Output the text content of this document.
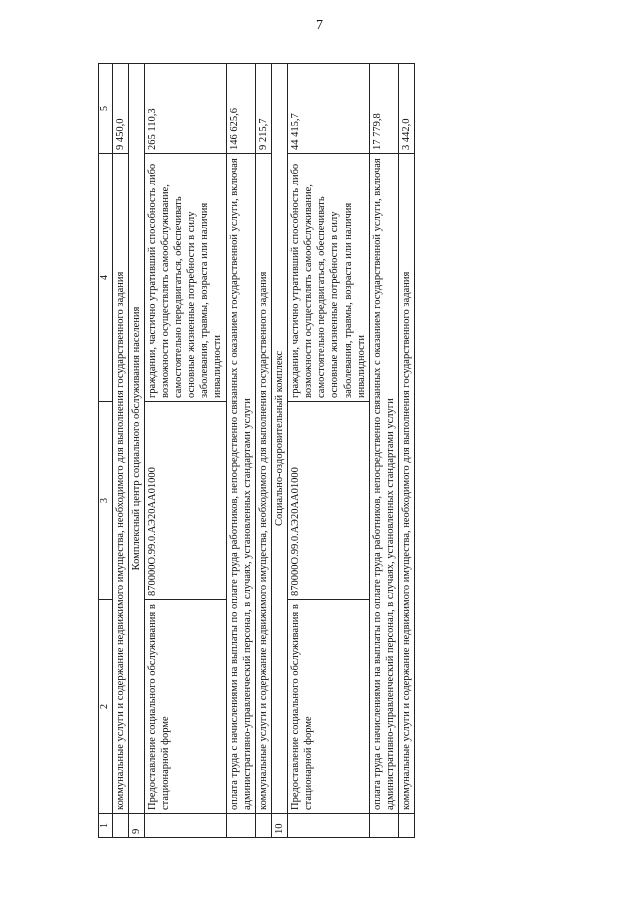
7
1	2	3	4	5
	коммунальные услуги и содержание недвижимого имущества, необходимого для выполнения государственного задания			9 450,0
9	Комплексный центр социального обслуживания населения			
	Предоставление социального обслуживания в стационарной форме	870000О.99.0.АЭ20АА01000	граждании, частично утративший способность либо возможности осуществлять самообслуживание, самостоятельно передвигаться, обеспечивать основные жизненные потребности в силу заболевания, травмы, возраста или наличия инвалидности	265 110,3
	оплата труда с начислениями на выплаты по оплате труда работников, непосредственно связанных с оказанием государственной услуги, включая административно-управленческий персонал, в случаях, установленных стандартами услуги			146 625,6
	коммунальные услуги и содержание недвижимого имущества, необходимого для выполнения государственного задания			9 215,7
10	Социально-оздоровительный комплекс			
	Предоставление социального обслуживания в стационарной форме	870000О.99.0.АЭ20АА01000	граждании, частично утративший способность либо возможности осуществлять самообслуживание, самостоятельно передвигаться, обеспечивать основные жизненные потребности в силу заболевания, травмы, возраста или наличия инвалидности	44 415,7
	оплата труда с начислениями на выплаты по оплате труда работников, непосредственно связанных с оказанием государственной услуги, включая административно-управленческий персонал, в случаях, установленных стандартами услуги			17 779,8
	коммунальные услуги и содержание недвижимого имущества, необходимого для выполнения государственного задания			3 442,0
